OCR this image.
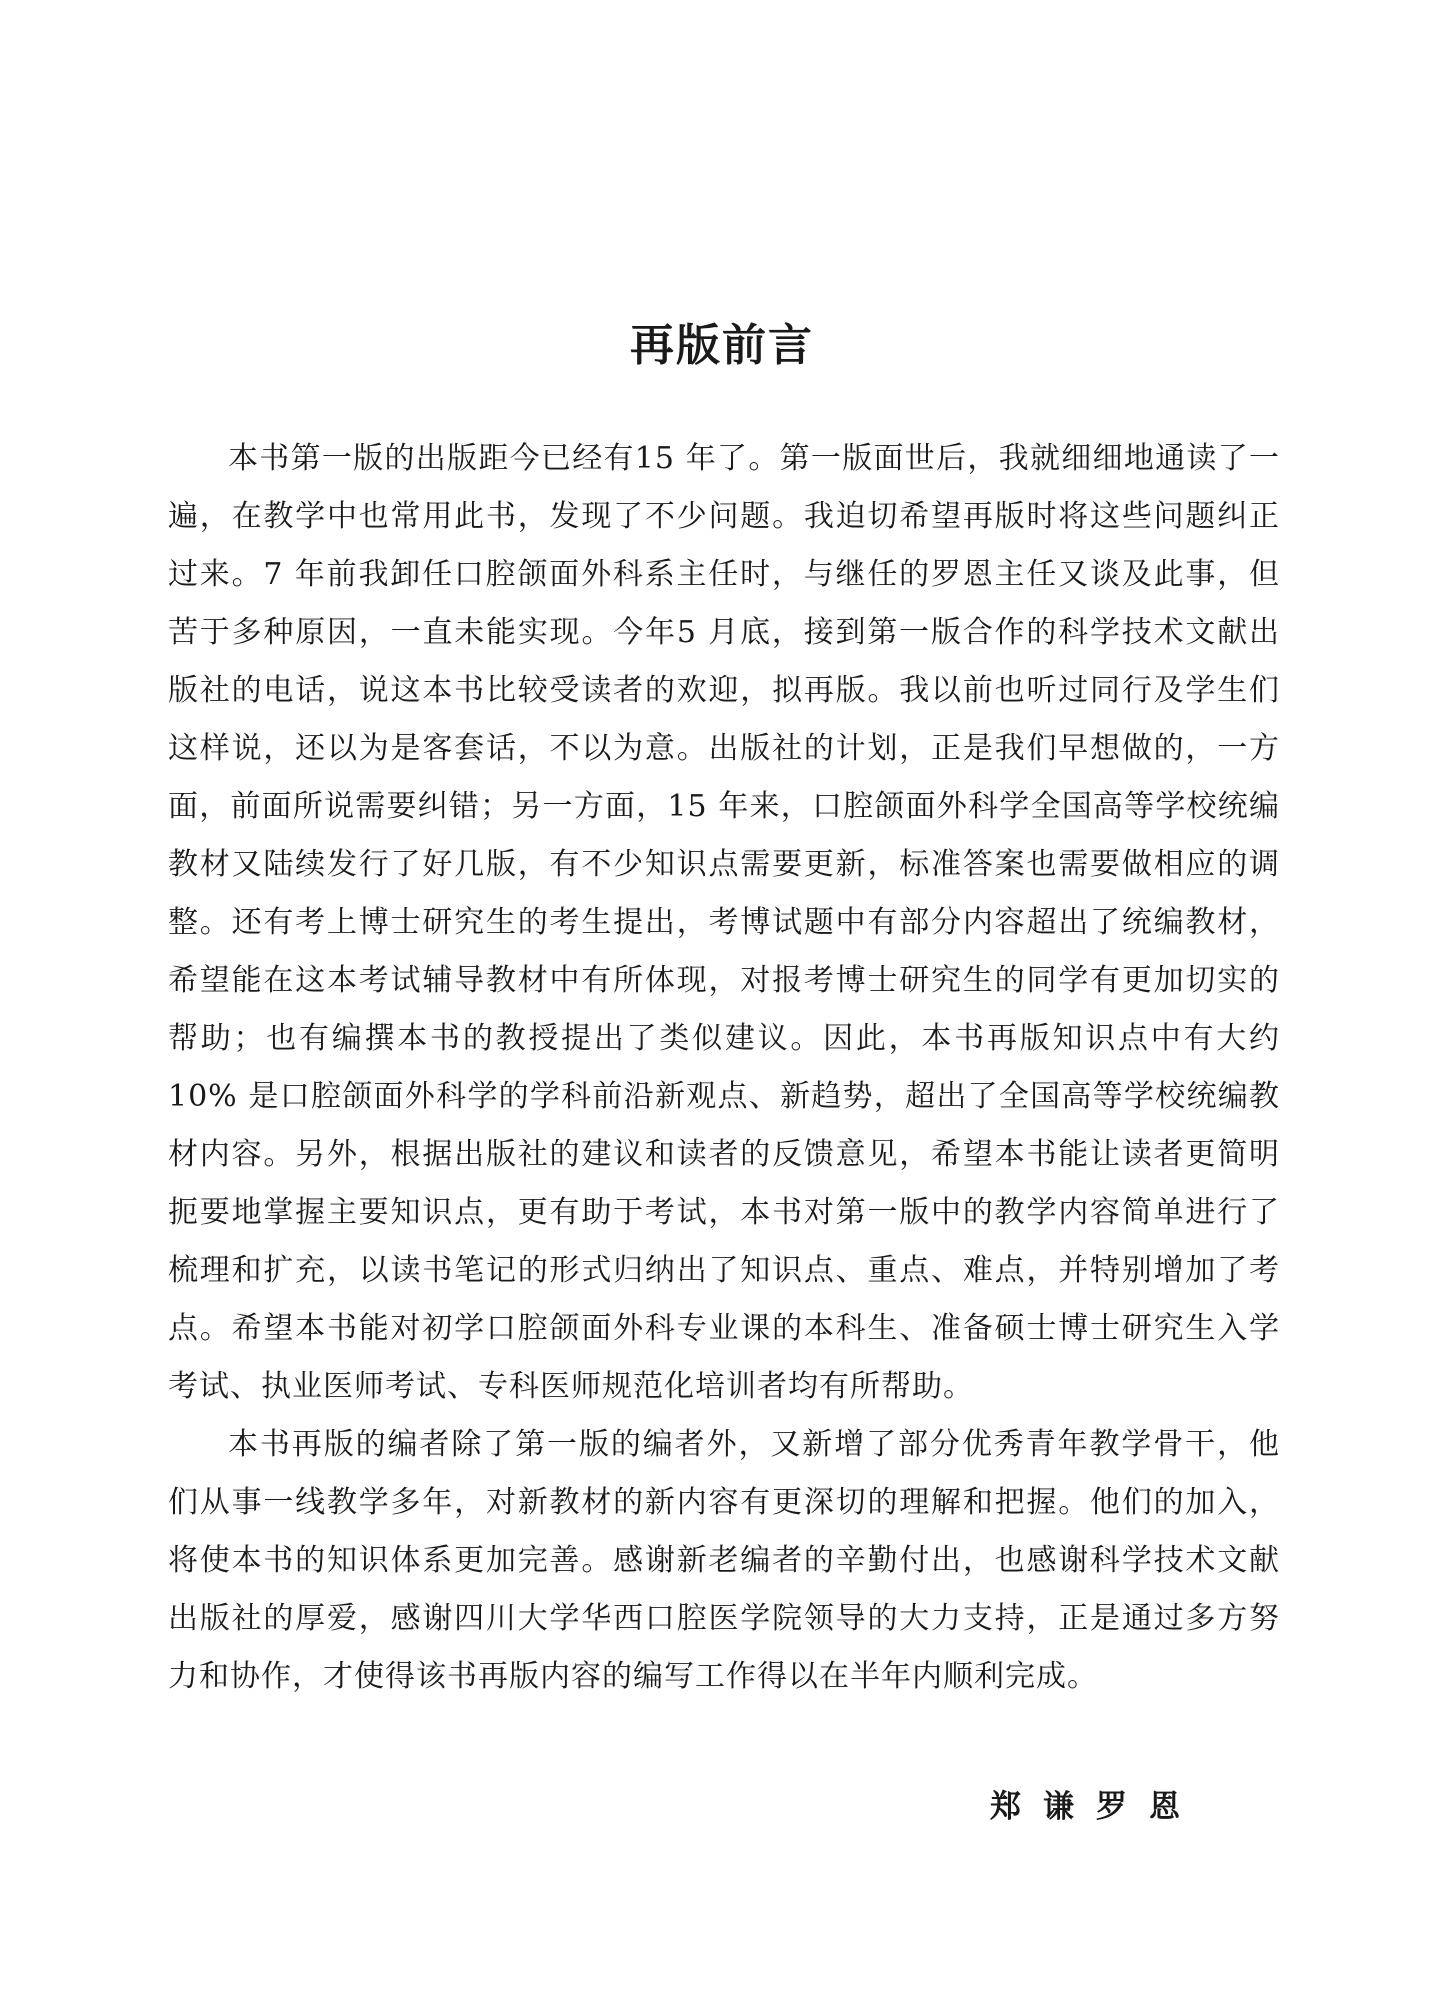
再版前言

本书第一版的出版距今已经有15 年了。第一版面世后，我就细细地通读了一遍，在教学中也常用此书，发现了不少问题。我迫切希望再版时将这些问题纠正过来。7 年前我卸任口腔颌面外科系主任时，与继任的罗恩主任又谈及此事，但苦于多种原因，一直未能实现。今年5 月底，接到第一版合作的科学技术文献出版社的电话，说这本书比较受读者的欢迎，拟再版。我以前也听过同行及学生们这样说，还以为是客套话，不以为意。出版社的计划，正是我们早想做的，一方面，前面所说需要纠错；另一方面，15 年来，口腔颌面外科学全国高等学校统编教材又陆续发行了好几版，有不少知识点需要更新，标准答案也需要做相应的调整。还有考上博士研究生的考生提出，考博试题中有部分内容超出了统编教材，希望能在这本考试辅导教材中有所体现，对报考博士研究生的同学有更加切实的帮助；也有编撰本书的教授提出了类似建议。因此，本书再版知识点中有大约10% 是口腔颌面外科学的学科前沿新观点、新趋势，超出了全国高等学校统编教材内容。另外，根据出版社的建议和读者的反馈意见，希望本书能让读者更简明扼要地掌握主要知识点，更有助于考试，本书对第一版中的教学内容简单进行了梳理和扩充，以读书笔记的形式归纳出了知识点、重点、难点，并特别增加了考点。希望本书能对初学口腔颌面外科专业课的本科生、准备硕士博士研究生入学考试、执业医师考试、专科医师规范化培训者均有所帮助。

本书再版的编者除了第一版的编者外，又新增了部分优秀青年教学骨干，他们从事一线教学多年，对新教材的新内容有更深切的理解和把握。他们的加入，将使本书的知识体系更加完善。感谢新老编者的辛勤付出，也感谢科学技术文献出版社的厚爱，感谢四川大学华西口腔医学院领导的大力支持，正是通过多方努力和协作，才使得该书再版内容的编写工作得以在半年内顺利完成。

郑谦罗恩
